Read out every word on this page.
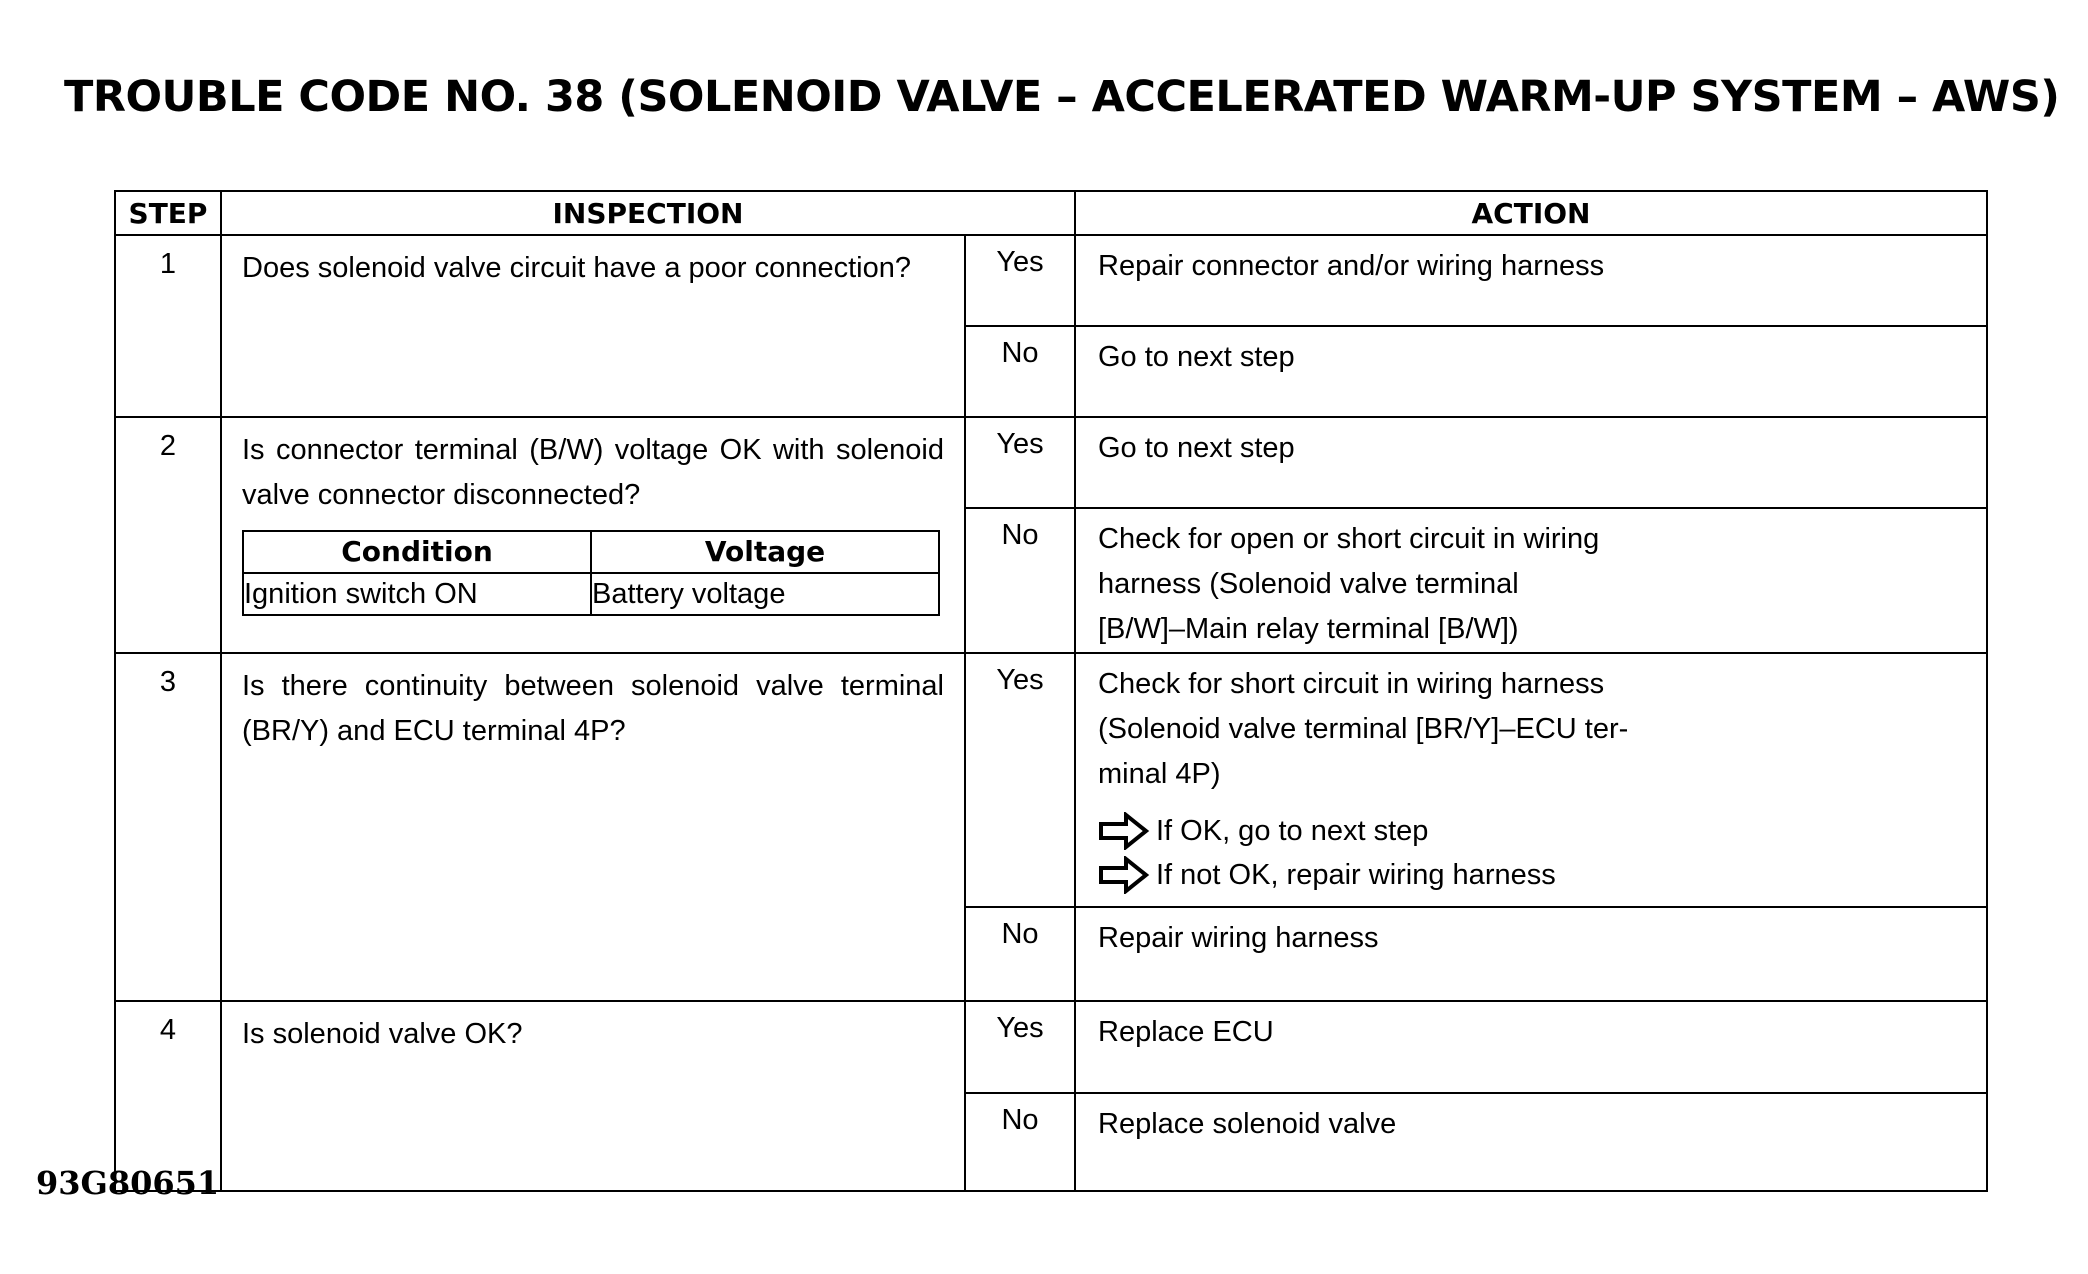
TROUBLE CODE NO. 38 (SOLENOID VALVE – ACCELERATED WARM-UP SYSTEM – AWS)
STEP	INSPECTION	ACTION
1	Does solenoid valve circuit have a poor connection?	Yes	Repair connector and/or wiring harness
No	Go to next step
2	Is connector terminal (B/W) voltage OK with solenoid valve connector disconnected?
Condition	Voltage
Ignition switch ON	Battery voltage
	Yes	Go to next step
No	Check for open or short circuit in wiring
harness (Solenoid valve terminal
[B/W]–Main relay terminal [B/W])

3	Is there continuity between solenoid valve terminal (BR/Y) and ECU terminal 4P?	Yes	Check for short circuit in wiring harness
(Solenoid valve terminal [BR/Y]–ECU ter-
minal 4P)
If OK, go to next step
If not OK, repair wiring harness

No	Repair wiring harness
4	Is solenoid valve OK?	Yes	Replace ECU
No	Replace solenoid valve
93G80651
